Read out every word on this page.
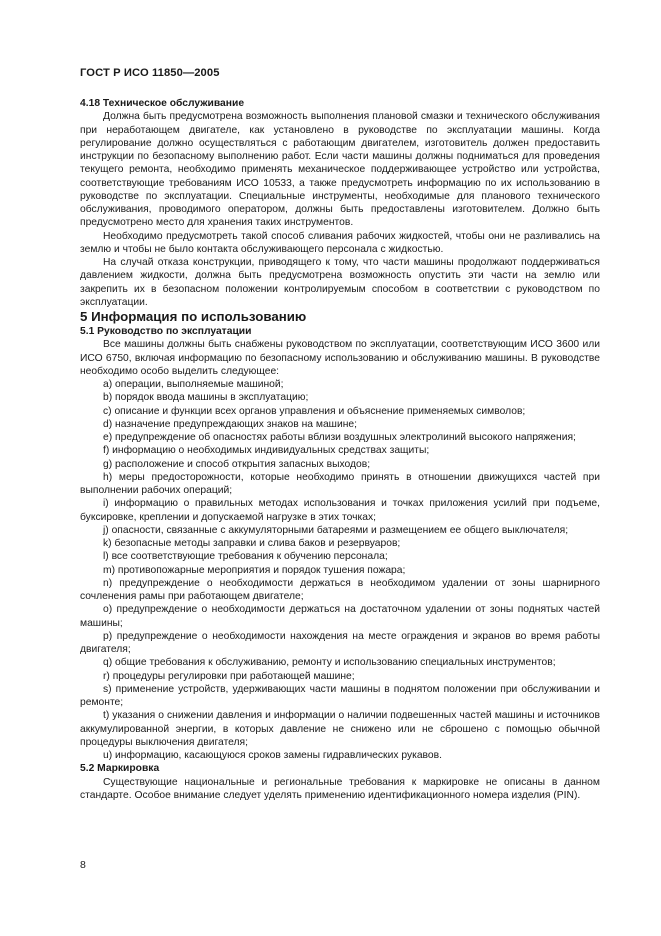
ГОСТ Р ИСО 11850—2005

4.18 Техническое обслуживание

Должна быть предусмотрена возможность выполнения плановой смазки и технического обслуживания при неработающем двигателе, как установлено в руководстве по эксплуатации машины. Когда регулирование должно осуществляться с работающим двигателем, изготовитель должен предоставить инструкции по безопасному выполнению работ. Если части машины должны подниматься для проведения текущего ремонта, необходимо применять механическое поддерживающее устройство или устройства, соответствующие требованиям ИСО 10533, а также предусмотреть информацию по их использованию в руководстве по эксплуатации. Специальные инструменты, необходимые для планового технического обслуживания, проводимого оператором, должны быть предоставлены изготовителем. Должно быть предусмотрено место для хранения таких инструментов.

Необходимо предусмотреть такой способ сливания рабочих жидкостей, чтобы они не разливались на землю и чтобы не было контакта обслуживающего персонала с жидкостью.

На случай отказа конструкции, приводящего к тому, что части машины продолжают поддерживаться давлением жидкости, должна быть предусмотрена возможность опустить эти части на землю или закрепить их в безопасном положении контролируемым способом в соответствии с руководством по эксплуатации.

5 Информация по использованию

5.1 Руководство по эксплуатации

Все машины должны быть снабжены руководством по эксплуатации, соответствующим ИСО 3600 или ИСО 6750, включая информацию по безопасному использованию и обслуживанию машины. В руководстве необходимо особо выделить следующее:

a) операции, выполняемые машиной;

b) порядок ввода машины в эксплуатацию;

c) описание и функции всех органов управления и объяснение применяемых символов;

d) назначение предупреждающих знаков на машине;

e) предупреждение об опасностях работы вблизи воздушных электролиний высокого напряжения;

f) информацию о необходимых индивидуальных средствах защиты;

g) расположение и способ открытия запасных выходов;

h) меры предосторожности, которые необходимо принять в отношении движущихся частей при выполнении рабочих операций;

i) информацию о правильных методах использования и точках приложения усилий при подъеме, буксировке, креплении и допускаемой нагрузке в этих точках;

j) опасности, связанные с аккумуляторными батареями и размещением ее общего выключателя;

k) безопасные методы заправки и слива баков и резервуаров;

l) все соответствующие требования к обучению персонала;

m) противопожарные мероприятия и порядок тушения пожара;

n) предупреждение о необходимости держаться в необходимом удалении от зоны шарнирного сочленения рамы при работающем двигателе;

o) предупреждение о необходимости держаться на достаточном удалении от зоны поднятых частей машины;

p) предупреждение о необходимости нахождения на месте ограждения и экранов во время работы двигателя;

q) общие требования к обслуживанию, ремонту и использованию специальных инструментов;

r) процедуры регулировки при работающей машине;

s) применение устройств, удерживающих части машины в поднятом положении при обслуживании и ремонте;

t) указания о снижении давления и информации о наличии подвешенных частей машины и источников аккумулированной энергии, в которых давление не снижено или не сброшено с помощью обычной процедуры выключения двигателя;

u) информацию, касающуюся сроков замены гидравлических рукавов.

5.2 Маркировка

Существующие национальные и региональные требования к маркировке не описаны в данном стандарте. Особое внимание следует уделять применению идентификационного номера изделия (PIN).

8
